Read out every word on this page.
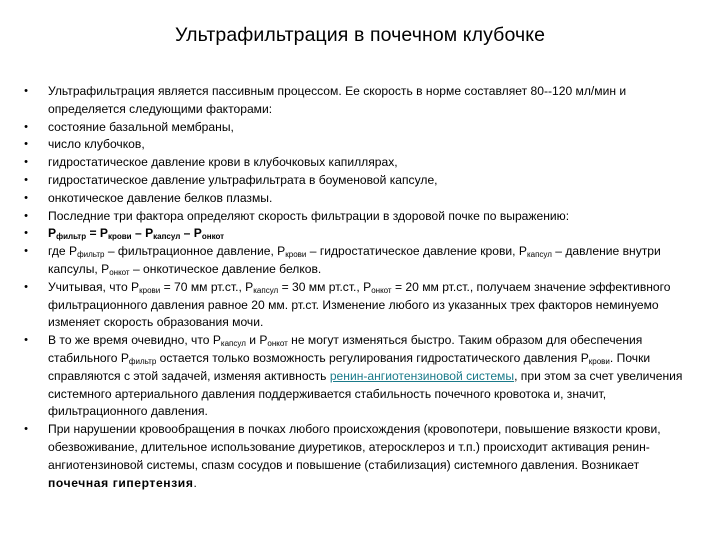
Ультрафильтрация в почечном клубочке
•	Ультрафильтрация является пассивным процессом. Ее скорость в норме составляет 80‑‑120 мл/мин и определяется следующими факторами:
•	состояние базальной мембраны,
•	число клубочков,
•	гидростатическое давление крови в клубочковых капиллярах,
•	гидростатическое давление ультрафильтрата в боуменовой капсуле,
•	онкотическое давление белков плазмы.
•	Последние три фактора определяют скорость фильтрации в здоровой почке по выражению:
•	$P_{фильтр} = P_{крови} - P_{капсул} - P_{онкот}$
•	где $P_{фильтр}$ – фильтрационное давление, $P_{крови}$ – гидростатическое давление крови, $P_{капсул}$ – давление внутри капсулы, $P_{онкот}$ – онкотическое давление белков.
•	Учитывая, что $P_{крови} = 70$ мм рт.ст., $P_{капсул} = 30$ мм рт.ст., $P_{онкот} = 20$ мм рт.ст., получаем значение эффективного фильтрационного давления равное 20 мм. рт.ст. Изменение любого из указанных трех факторов неминуемо изменяет скорость образования мочи.
•	В то же время очевидно, что $P_{капсул}$ и $P_{онкот}$ не могут изменяться быстро. Таким образом для обеспечения стабильного $P_{фильтр}$ остается только возможность регулирования гидростатического давления $P_{крови}$. Почки справляются с этой задачей, изменяя активность ренин-ангиотензиновой системы, при этом за счет увеличения системного артериального давления поддерживается стабильность почечного кровотока и, значит, фильтрационного давления.
•	При нарушении кровообращения в почках любого происхождения (кровопотери, повышение вязкости крови, обезвоживание, длительное использование диуретиков, атеросклероз и т.п.) происходит активация ренин-ангиотензиновой системы, спазм сосудов и повышение (стабилизация) системного давления. Возникает почечная гипертензия.
